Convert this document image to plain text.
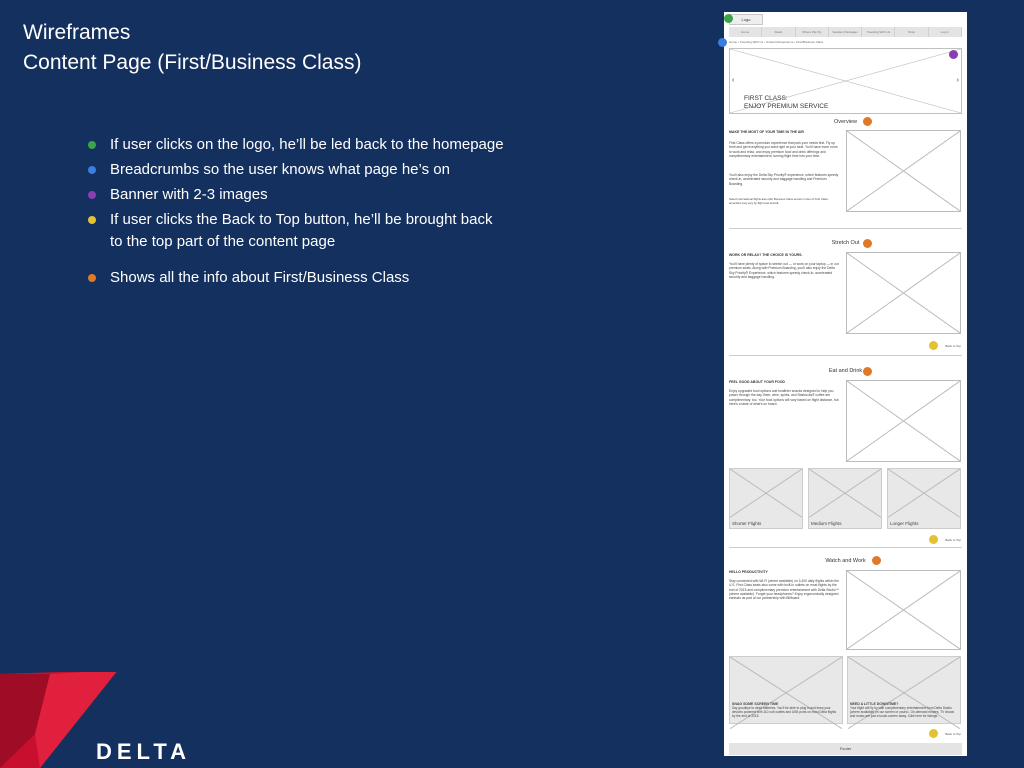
Wireframes
Content Page (First/Business Class)
If user clicks on the logo, he’ll be led back to the homepage
Breadcrumbs so the user knows what page he’s on
Banner with 2-3 images
If user clicks the Back to Top button, he’ll be brought back to the top part of the content page
Shows all the info about First/Business Class
DELTA
Logo
Home	Deals	Where We Fly	Vacation Packages	Traveling With Us	Shop	Log In
Home › Traveling With Us › Onboard Experience › First/Business Class
‹	›
FIRST CLASS:
ENJOY PREMIUM SERVICE
Overview
MAKE THE MOST OF YOUR TIME IN THE AIR
First Class offers a premium experience that puts your needs first. Fly up front and get everything you want right at your seat. You'll have more room to work and relax, and enjoy premium food and drink offerings and complimentary entertainment, turning flight time into your time.
You'll also enjoy the Delta Sky Priority® experience, which features speedy check-in, accelerated security and baggage handling and Premium Boarding.
Select international flights also offer Business Class service in lieu of First Class; amenities may vary by flight and aircraft.
Stretch Out
WORK OR RELAX? THE CHOICE IS YOURS.
You'll have plenty of space to stretch out — or work on your laptop — in our premium seats. Along with Premium Boarding, you'll also enjoy the Delta Sky Priority® Experience, which features speedy check-in, accelerated security and baggage handling.
Back to Top
Eat and Drink
FEEL GOOD ABOUT YOUR FOOD
Enjoy upgraded food options and healthier snacks designed to help you power through the day. Beer, wine, spirits, and Starbucks® coffee are complimentary, too. Your food options will vary based on flight distance, but here's a taste of what's on board.
Shorter Flights	Medium Flights	Longer Flights
Back to Top
Watch and Work
HELLO PRODUCTIVITY
Stay connected with Wi-Fi (where available) on 3,400 daily flights within the U.S. First Class seats also come with built-in outlets on most flights by the end of 2015 and complimentary premium entertainment with Delta Studio™ (where available). Forget your headphones? Enjoy ergonomically designed earbuds as part of our partnership with Billboard.
SNAG SOME SCREEN TIME
Say goodbye to dead batteries. You'll be able to plug in and keep your devices powered with 110-volt outlets and USB ports on most Delta flights by the end of 2015.
NEED A LITTLE DOWNTIME?
Your flight will fly by with complimentary entertainment from Delta Studio (where available) on our screen or yours1. On-demand movies, TV shows and music are just a touch-screen away. Click here for listings.
Back to Top
Footer
